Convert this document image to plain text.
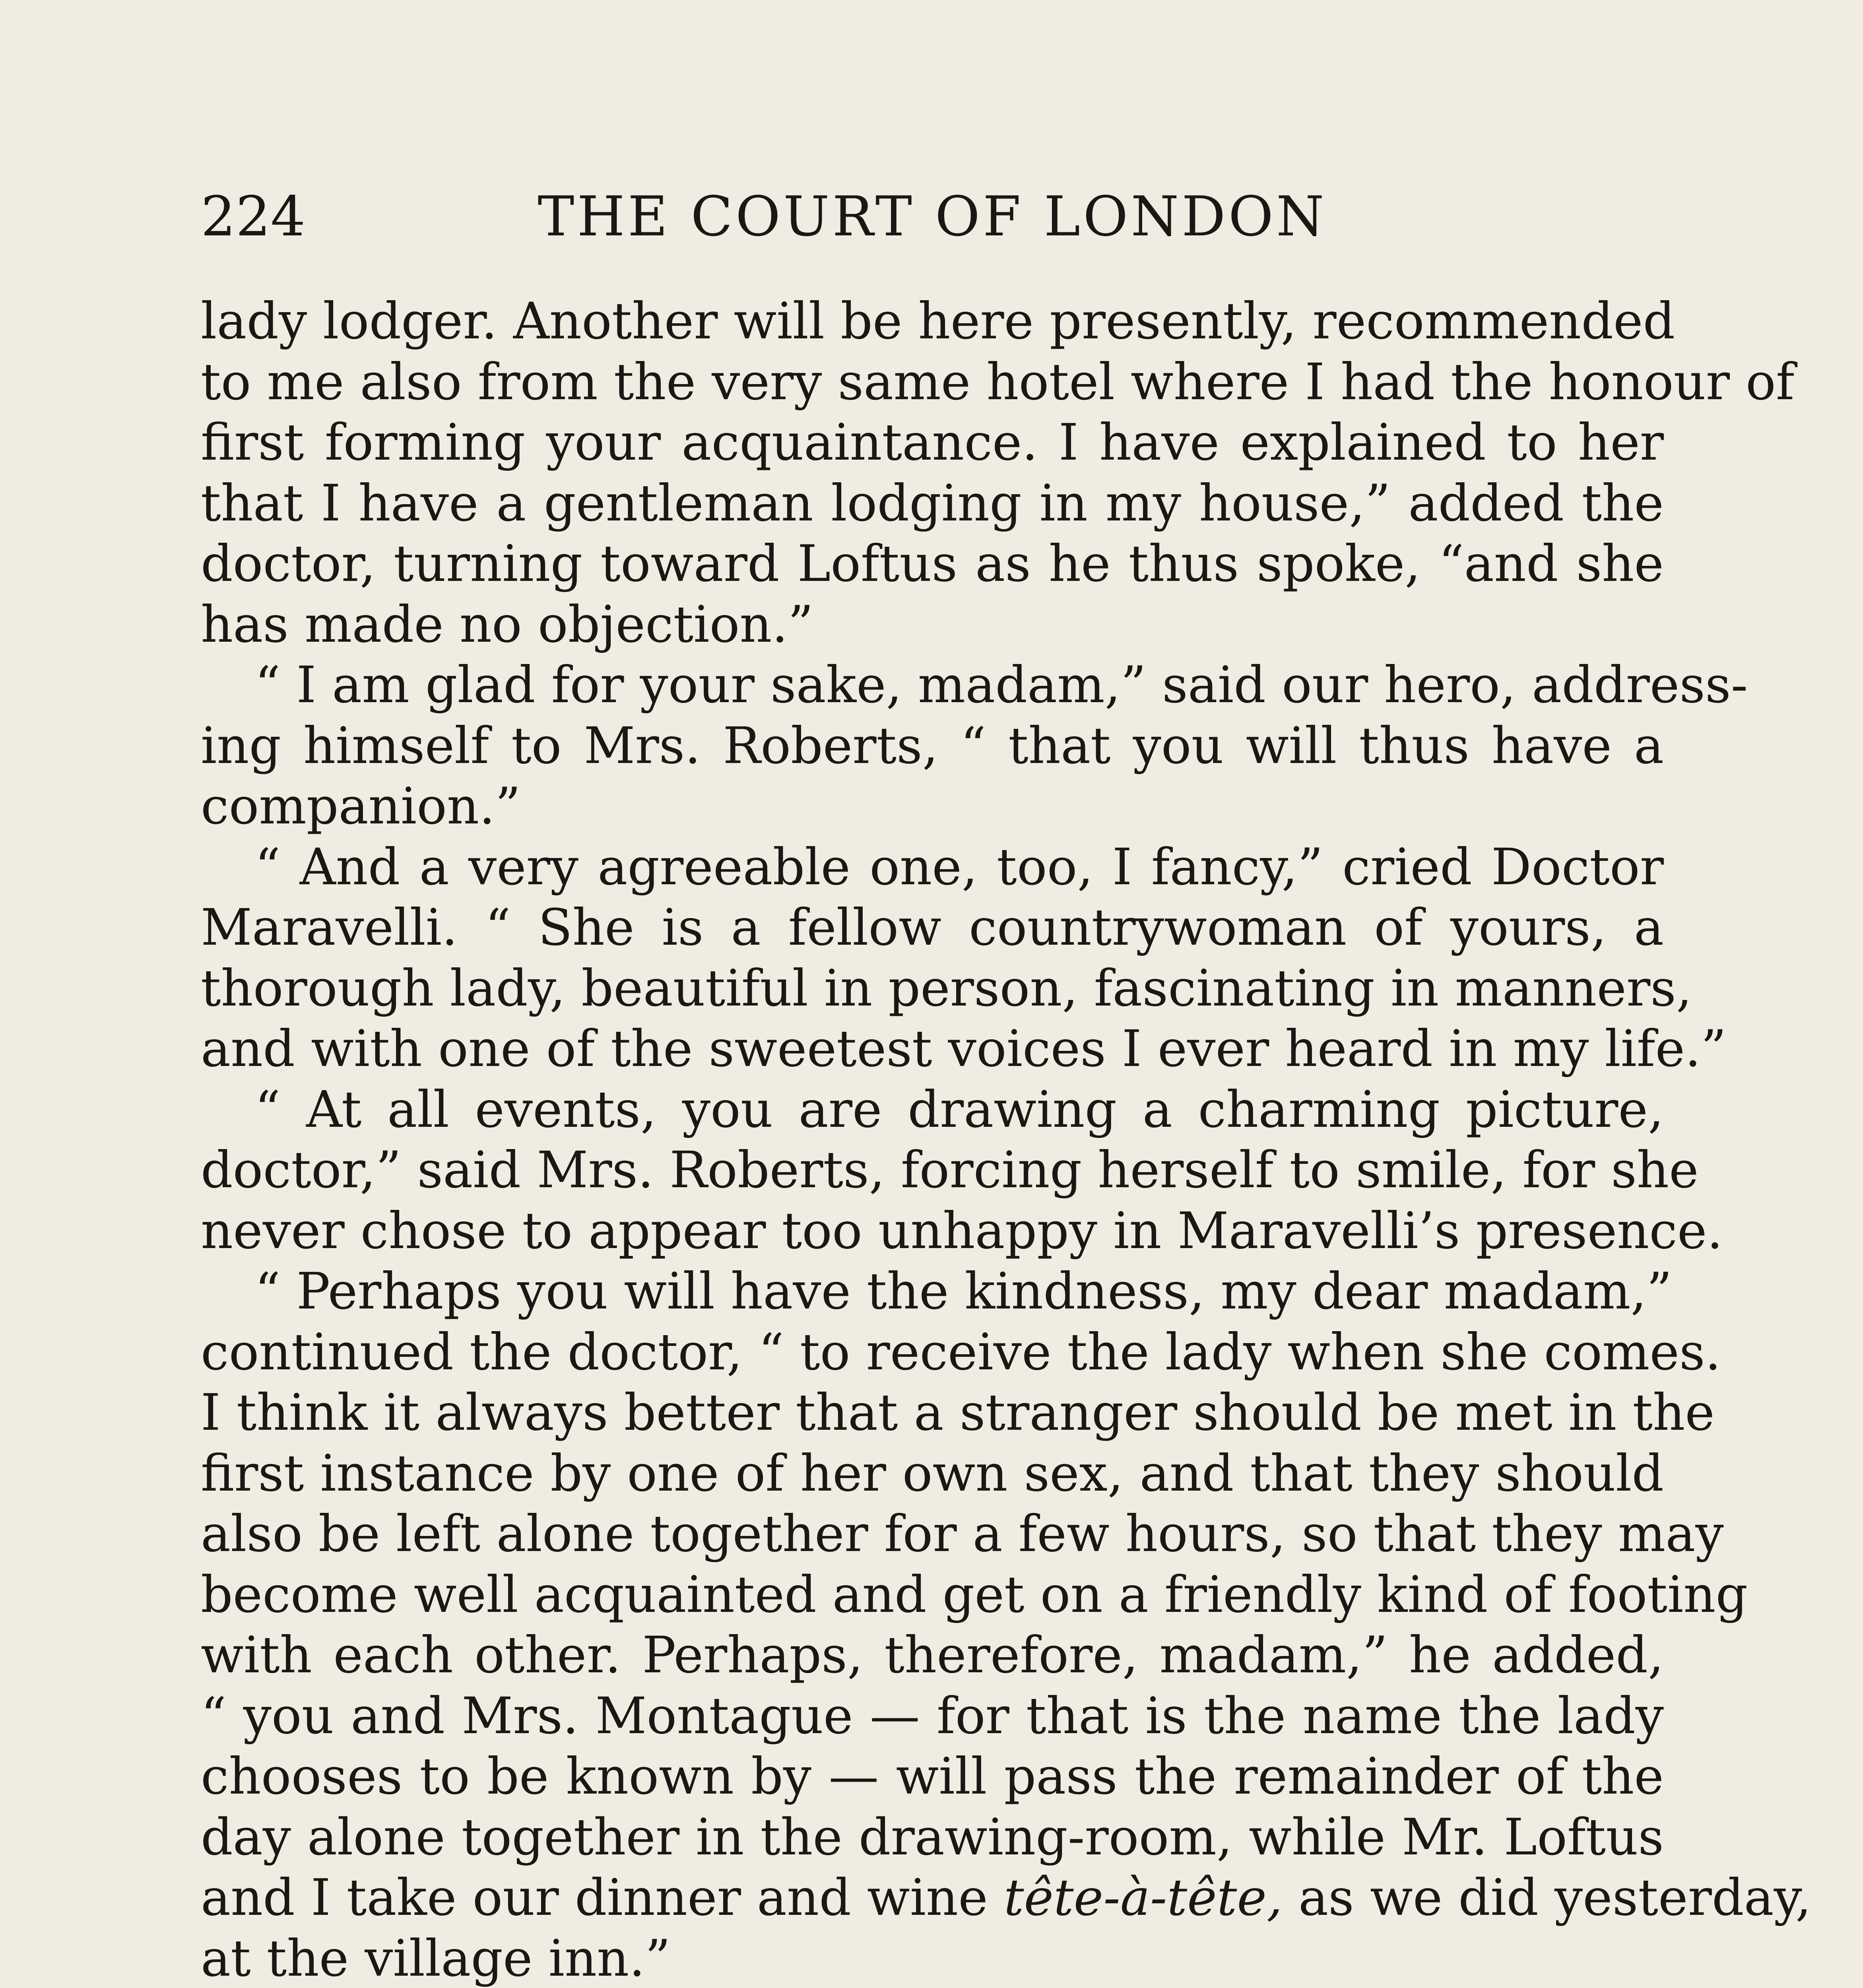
224	THE COURT OF LONDON
lady lodger. Another will be here presently, recommended
to me also from the very same hotel where I had the honour of
first forming your acquaintance. I have explained to her
that I have a gentleman lodging in my house,” added the
doctor, turning toward Loftus as he thus spoke, “and she
has made no objection.”
“ I am glad for your sake, madam,” said our hero, address-
ing himself to Mrs. Roberts, “ that you will thus have a
companion.”
“ And a very agreeable one, too, I fancy,” cried Doctor
Maravelli. “ She is a fellow countrywoman of yours, a
thorough lady, beautiful in person, fascinating in manners,
and with one of the sweetest voices I ever heard in my life.”
“ At all events, you are drawing a charming picture,
doctor,” said Mrs. Roberts, forcing herself to smile, for she
never chose to appear too unhappy in Maravelli’s presence.
“ Perhaps you will have the kindness, my dear madam,”
continued the doctor, “ to receive the lady when she comes.
I think it always better that a stranger should be met in the
first instance by one of her own sex, and that they should
also be left alone together for a few hours, so that they may
become well acquainted and get on a friendly kind of footing
with each other. Perhaps, therefore, madam,” he added,
“ you and Mrs. Montague — for that is the name the lady
chooses to be known by — will pass the remainder of the
day alone together in the drawing-room, while Mr. Loftus
and I take our dinner and wine tête-à-tête, as we did yesterday,
at the village inn.”
